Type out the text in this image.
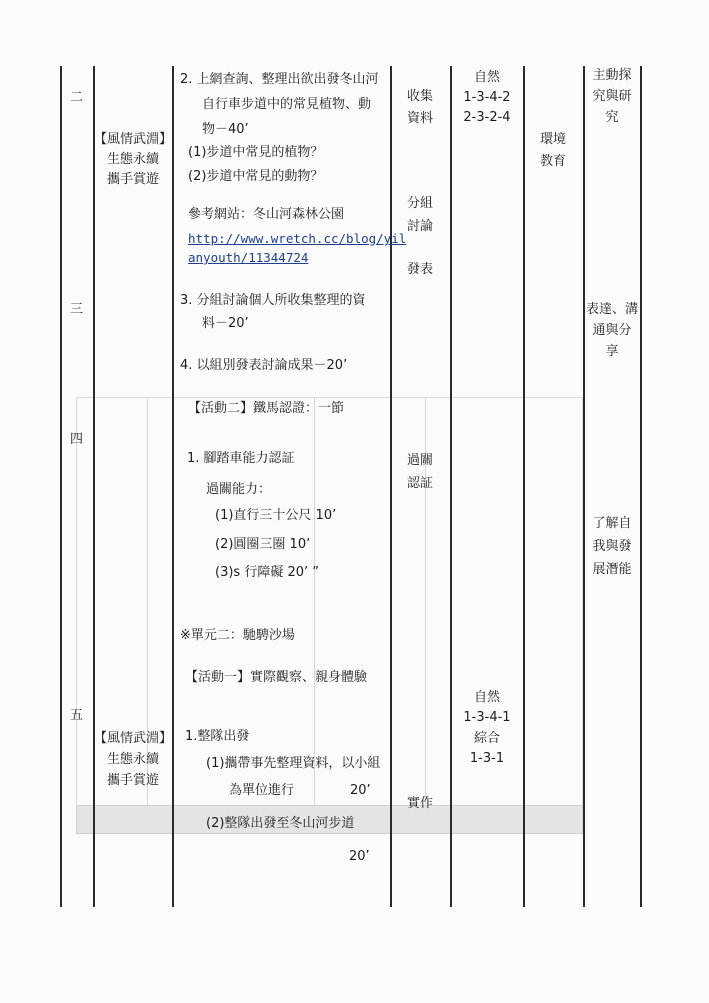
二
三
四
五
【風情武淵】
生態永續
攜手賞遊
【風情武淵】
生態永續
攜手賞遊
2. 上網查詢、整理出欲出發冬山河
自行車步道中的常見植物、動
物－40’
(1)步道中常見的植物？
(2)步道中常見的動物？
參考網站：冬山河森林公園
http://www.wretch.cc/blog/yil
anyouth/11344724
3. 分組討論個人所收集整理的資
料－20’
4. 以組別發表討論成果－20’
【活動二】鐵馬認證：一節
1. 腳踏車能力認証
過關能力：
(1)直行三十公尺 10’
(2)圓圈三圈 10’
(3)s 行障礙 20’ ”
※單元二：馳騁沙場
【活動一】實際觀察、親身體驗
1.整隊出發
(1)攜帶事先整理資料，以小組
為單位進行	20’
(2)整隊出發至冬山河步道
20’
收集
資料
分組
討論
發表
過關
認証
實作
自然
1-3-4-2
2-3-2-4
自然
1-3-4-1
綜合
1-3-1
環境
教育
主動探
究與研
究
表達、溝
通與分
享
了解自
我與發
展潛能
